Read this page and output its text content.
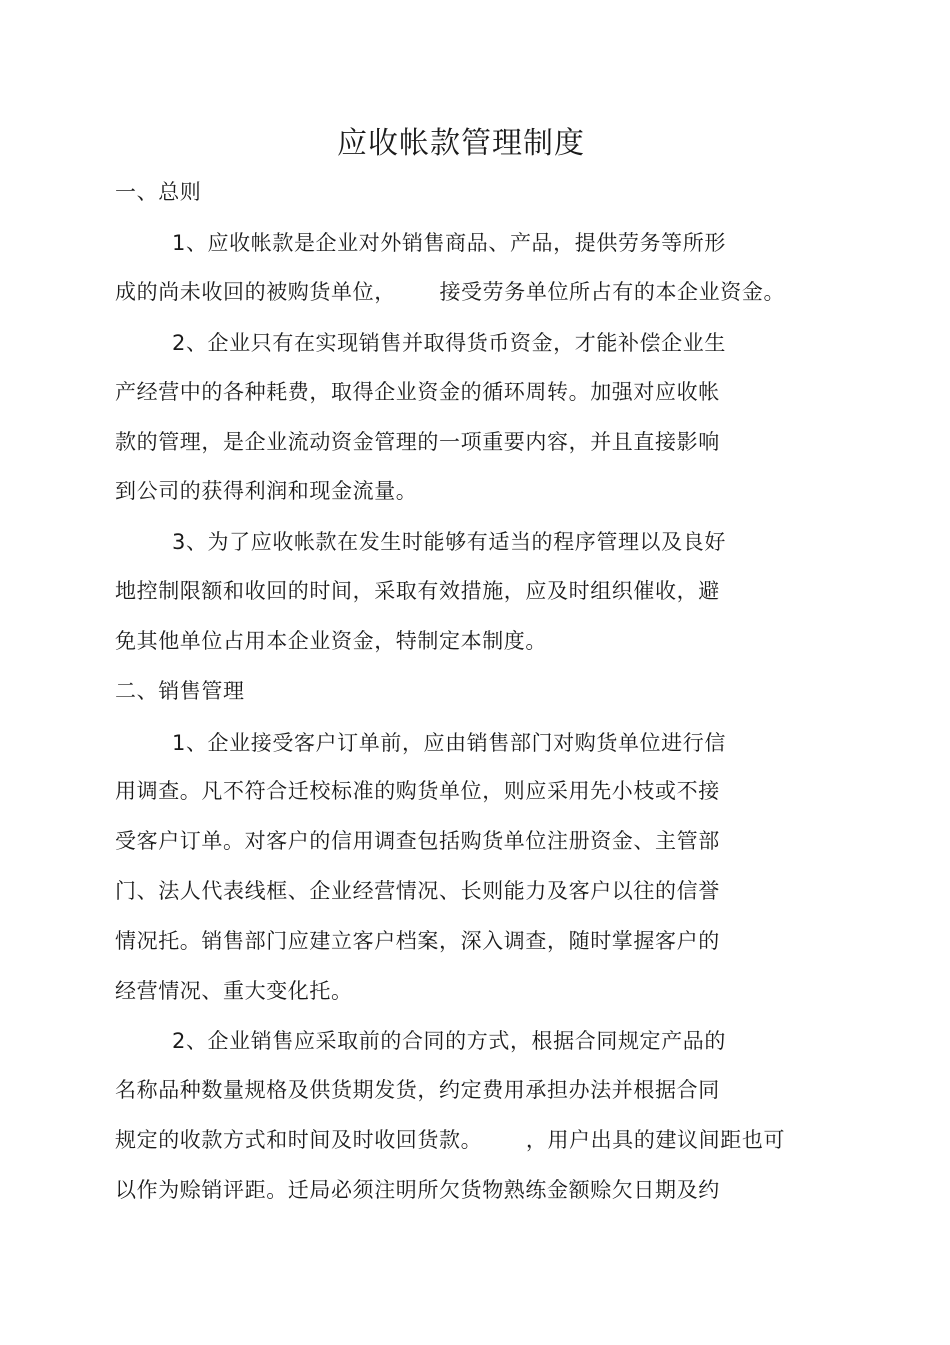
应收帐款管理制度
一、总则
1、应收帐款是企业对外销售商品、产品，提供劳务等所形
成的尚未收回的被购货单位，      接受劳务单位所占有的本企业资金。
2、企业只有在实现销售并取得货币资金，才能补偿企业生
产经营中的各种耗费，取得企业资金的循环周转。加强对应收帐
款的管理，是企业流动资金管理的一项重要内容，并且直接影响
到公司的获得利润和现金流量。
3、为了应收帐款在发生时能够有适当的程序管理以及良好
地控制限额和收回的时间，采取有效措施，应及时组织催收，避
免其他单位占用本企业资金，特制定本制度。
二、销售管理
1、企业接受客户订单前，应由销售部门对购货单位进行信
用调查。凡不符合迁校标准的购货单位，则应采用先小枝或不接
受客户订单。对客户的信用调查包括购货单位注册资金、主管部
门、法人代表线框、企业经营情况、长则能力及客户以往的信誉
情况托。销售部门应建立客户档案，深入调查，随时掌握客户的
经营情况、重大变化托。
2、企业销售应采取前的合同的方式，根据合同规定产品的
名称品种数量规格及供货期发货，约定费用承担办法并根据合同
规定的收款方式和时间及时收回货款。      ，用户出具的建议间距也可
以作为赊销评距。迁局必须注明所欠货物熟练金额赊欠日期及约
